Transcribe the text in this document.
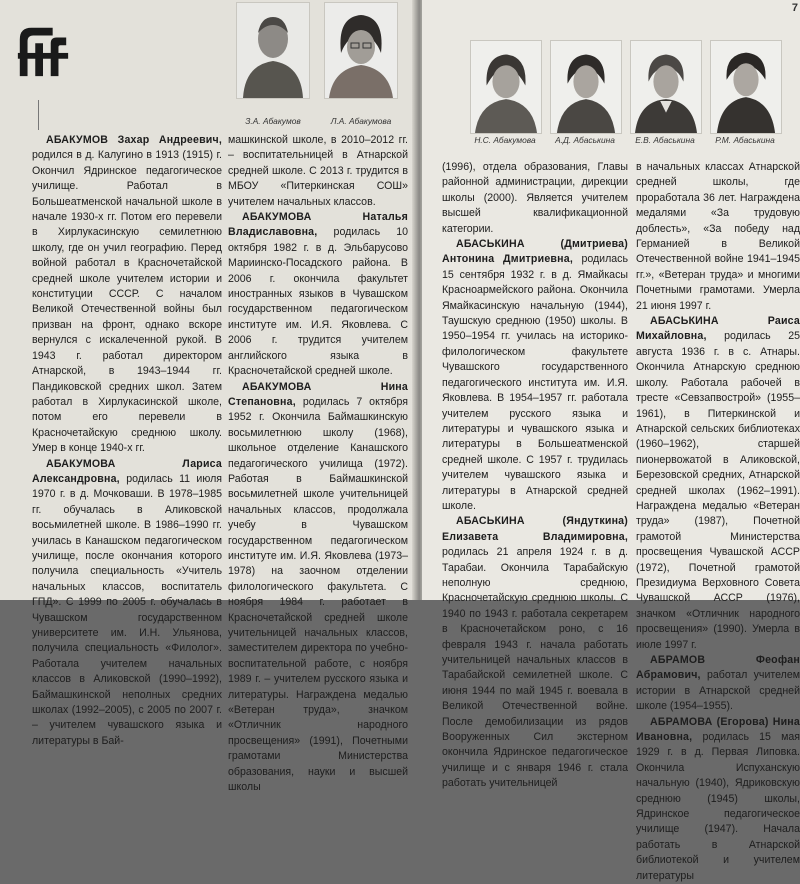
З.А. Абакумов	Л.А. Абакумова

АБАКУМОВ Захар Андреевич, родился в д. Калугино в 1913 (1915) г. Окончил Ядринское педагогическое училище. Работал в Большеатменской начальной школе в начале 1930-х гг. Потом его перевели в Хирлукасинскую семилетнюю школу, где он учил географию. Перед войной работал в Красночетайской средней школе учителем истории и конституции СССР. С началом Великой Отечественной войны был призван на фронт, однако вскоре вернулся с искалеченной рукой. В 1943 г. работал директором Атнарской, в 1943–1944 гг. Пандиковской средних школ. Затем работал в Хирлукасинской школе, потом его перевели в Красночетайскую среднюю школу. Умер в конце 1940-х гг.

АБАКУМОВА Лариса Александровна, родилась 11 июля 1970 г. в д. Мочковаши. В 1978–1985 гг. обучалась в Аликовской восьмилетней школе. В 1986–1990 гг. училась в Канашском педагогическом училище, после окончания которого получила специальность «Учитель начальных классов, воспитатель ГПД». С 1999 по 2005 г. обучалась в Чувашском государственном университете им. И.Н. Ульянова, получила специальность «Филолог». Работала учителем начальных классов в Аликовской (1990–1992), Баймашкинской неполных средних школах (1992–2005), с 2005 по 2007 г. – учителем чувашского языка и литературы в Бай-

машкинской школе, в 2010–2012 гг. – воспитательницей в Атнарской средней школе. С 2013 г. трудится в МБОУ «Питеркинская СОШ» учителем начальных классов.

АБАКУМОВА Наталья Владиславовна, родилась 10 октября 1982 г. в д. Эльбарусово Мариинско-Посадского района. В 2006 г. окончила факультет иностранных языков в Чувашском государственном педагогическом институте им. И.Я. Яковлева. С 2006 г. трудится учителем английского языка в Красночетайской средней школе.

АБАКУМОВА Нина Степановна, родилась 7 октября 1952 г. Окончила Баймашкинскую восьмилетнюю школу (1968), школьное отделение Канашского педагогического училища (1972). Работая в Баймашкинской восьмилетней школе учительницей начальных классов, продолжала учебу в Чувашском государственном педагогическом институте им. И.Я. Яковлева (1973–1978) на заочном отделении филологического факультета. С ноября 1984 г. работает в Красночетайской средней школе учительницей начальных классов, заместителем директора по учебно-воспитательной работе, с ноября 1989 г. – учителем русского языка и литературы. Награждена медалью «Ветеран труда», значком «Отличник народного просвещения» (1991), Почетными грамотами Министерства образования, науки и высшей школы

7
Н.С. Абакумова	А.Д. Абаськина	Е.В. Абаськина	Р.М. Абаськина

(1996), отдела образования, Главы районной администрации, дирекции школы (2000). Является учителем высшей квалификационной категории.

АБАСЬКИНА (Дмитриева) Антонина Дмитриевна, родилась 15 сентября 1932 г. в д. Ямайкасы Красноармейского района. Окончила Ямайкасинскую начальную (1944), Таушскую среднюю (1950) школы. В 1950–1954 гг. училась на историко-филологическом факультете Чувашского государственного педагогического института им. И.Я. Яковлева. В 1954–1957 гг. работала учителем русского языка и литературы и чувашского языка и литературы в Большеатменской средней школе. С 1957 г. трудилась учителем чувашского языка и литературы в Атнарской средней школе.

АБАСЬКИНА (Яндуткина) Елизавета Владимировна, родилась 21 апреля 1924 г. в д. Тарабаи. Окончила Тарабайскую неполную среднюю, Красночетайскую среднюю школы. С 1940 по 1943 г. работала секретарем в Красночетайском роно, с 16 февраля 1943 г. начала работать учительницей начальных классов в Тарабайской семилетней школе. С июня 1944 по май 1945 г. воевала в Великой Отечественной войне. После демобилизации из рядов Вооруженных Сил экстерном окончила Ядринское педагогическое училище и с января 1946 г. стала работать учительницей

в начальных классах Атнарской средней школы, где проработала 36 лет. Награждена медалями «За трудовую доблесть», «За победу над Германией в Великой Отечественной войне 1941–1945 гг.», «Ветеран труда» и многими Почетными грамотами. Умерла 21 июня 1997 г.

АБАСЬКИНА Раиса Михайловна, родилась 25 августа 1936 г. в с. Атнары. Окончила Атнарскую среднюю школу. Работала рабочей в тресте «Севзапвострой» (1955–1961), в Питеркинской и Атнарской сельских библиотеках (1960–1962), старшей пионервожатой в Аликовской, Березовской средних, Атнарской средней школах (1962–1991). Награждена медалью «Ветеран труда» (1987), Почетной грамотой Министерства просвещения Чувашской АССР (1972), Почетной грамотой Президиума Верховного Совета Чувашской АССР (1976), значком «Отличник народного просвещения» (1990). Умерла в июле 1997 г.

АБРАМОВ Феофан Абрамович, работал учителем истории в Атнарской средней школе (1954–1955).

АБРАМОВА (Егорова) Нина Ивановна, родилась 15 мая 1929 г. в д. Первая Липовка. Окончила Испуханскую начальную (1940), Ядриковскую среднюю (1945) школы, Ядринское педагогическое училище (1947). Начала работать в Атнарской библиотекой и учителем литературы
